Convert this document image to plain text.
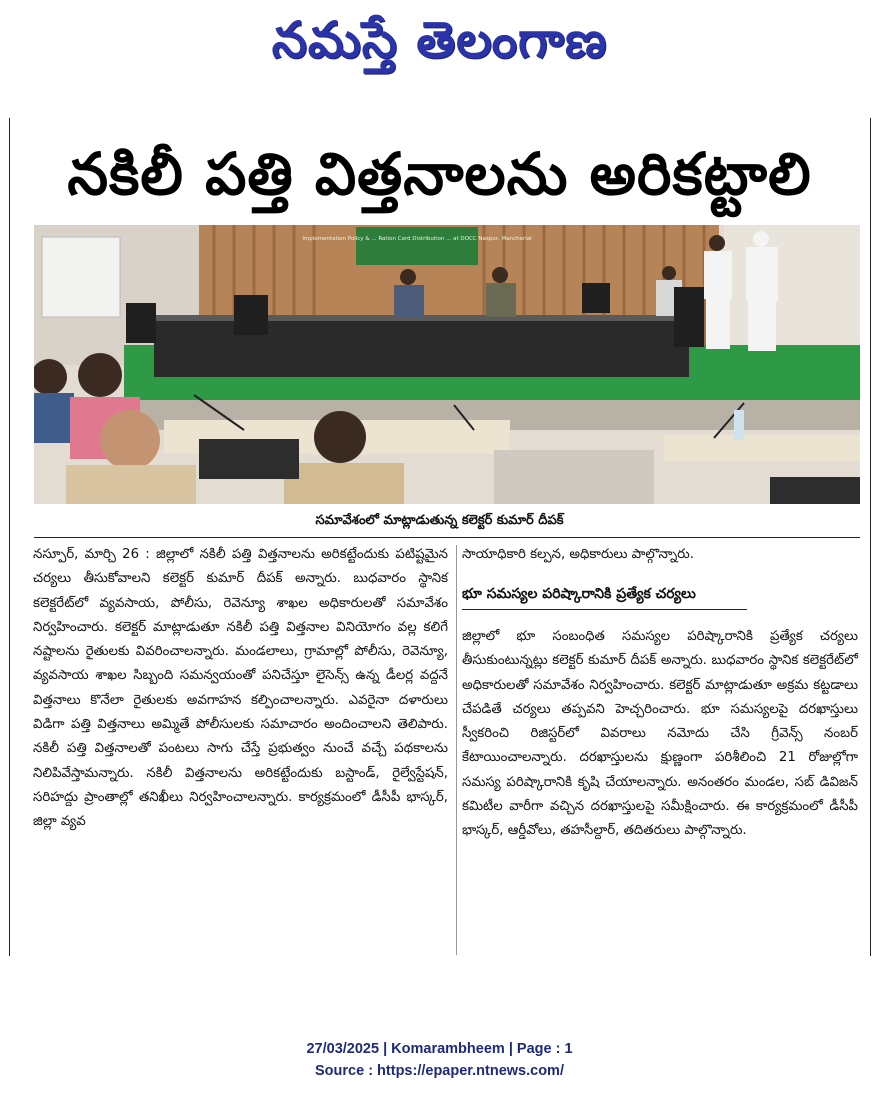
నమస్తే తెలంగాణ
నకిలీ పత్తి విత్తనాలను అరికట్టాలి
Implementation Policy & ... Ration Card Distribution ... at DOCC Naspur, Mancherial
సమావేశంలో మాట్లాడుతున్న కలెక్టర్ కుమార్ దీపక్
నస్పూర్, మార్చి 26 : జిల్లాలో నకిలీ పత్తి విత్తనాలను అరికట్టేందుకు పటిష్టమైన చర్యలు తీసుకోవాలని కలెక్టర్ కుమార్ దీపక్ అన్నారు. బుధవారం స్థానిక కలెక్టరేట్‌లో వ్యవసాయ, పోలీసు, రెవెన్యూ శాఖల అధికారులతో సమావేశం నిర్వహించారు. కలెక్టర్ మాట్లాడుతూ నకిలీ పత్తి విత్తనాల వినియోగం వల్ల కలిగే నష్టాలను రైతులకు వివరించాలన్నారు. మండలాలు, గ్రామాల్లో పోలీసు, రెవెన్యూ, వ్యవసాయ శాఖల సిబ్బంది సమన్వయంతో పనిచేస్తూ లైసెన్స్ ఉన్న డీలర్ల వద్దనే విత్తనాలు కొనేలా రైతులకు అవగాహన కల్పించాలన్నారు. ఎవరైనా దళారులు విడిగా పత్తి విత్తనాలు అమ్మితే పోలీసులకు సమాచారం అందించాలని తెలిపారు. నకిలీ పత్తి విత్తనాలతో పంటలు సాగు చేస్తే ప్రభుత్వం నుంచే వచ్చే పథకాలను నిలిపివేస్తామన్నారు. నకిలీ విత్తనాలను అరికట్టేందుకు బస్టాండ్, రైల్వేస్టేషన్, సరిహద్దు ప్రాంతాల్లో తనిఖీలు నిర్వహించాలన్నారు. కార్యక్రమంలో డీసీపీ భాస్కర్, జిల్లా వ్యవ
సాయాధికారి కల్పన, అధికారులు పాల్గొన్నారు.
భూ సమస్యల పరిష్కారానికి ప్రత్యేక చర్యలు
జిల్లాలో భూ సంబంధిత సమస్యల పరిష్కారానికి ప్రత్యేక చర్యలు తీసుకుంటున్నట్లు కలెక్టర్ కుమార్ దీపక్ అన్నారు. బుధవారం స్థానిక కలెక్టరేట్‌లో అధికారులతో సమావేశం నిర్వహించారు. కలెక్టర్ మాట్లాడుతూ అక్రమ కట్టడాలు చేపడితే చర్యలు తప్పవని హెచ్చరించారు. భూ సమస్యలపై దరఖాస్తులు స్వీకరించి రిజిస్టర్‌లో వివరాలు నమోదు చేసి గ్రీవెన్స్ నంబర్ కేటాయించాలన్నారు. దరఖాస్తులను క్షుణ్ణంగా పరిశీలించి 21 రోజుల్లోగా సమస్య పరిష్కారానికి కృషి చేయాలన్నారు. అనంతరం మండల, సబ్ డివిజన్ కమిటీల వారీగా వచ్చిన దరఖాస్తులపై సమీక్షించారు. ఈ కార్యక్రమంలో డీసీపీ భాస్కర్, ఆర్డీవోలు, తహసీల్దార్, తదితరులు పాల్గొన్నారు.
27/03/2025 | Komarambheem | Page : 1
Source : https://epaper.ntnews.com/
